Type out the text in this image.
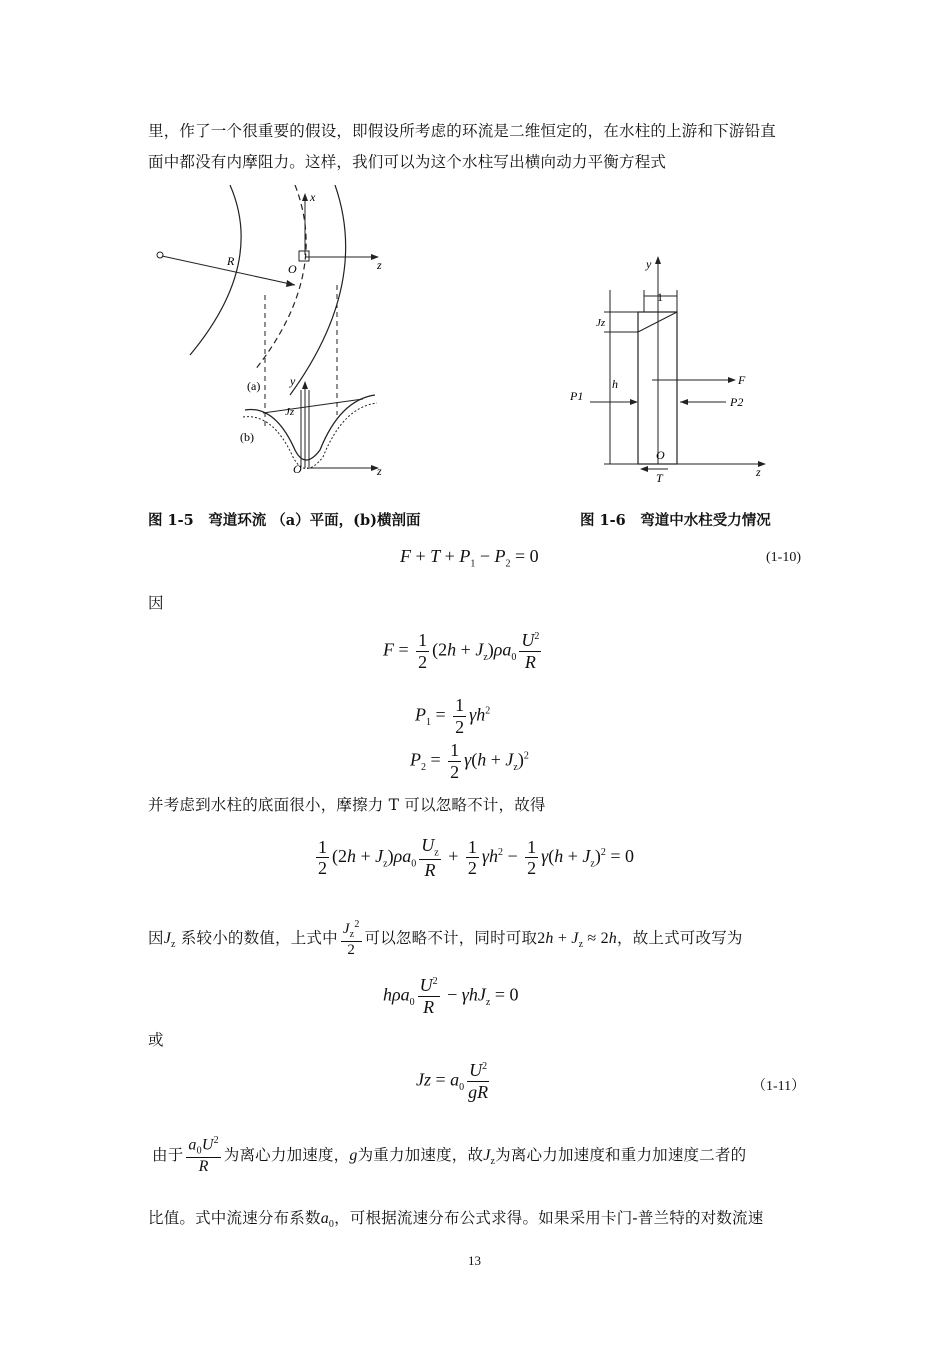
里，作了一个很重要的假设，即假设所考虑的环流是二维恒定的，在水柱的上游和下游铅直
面中都没有内摩阻力。这样，我们可以为这个水柱写出横向动力平衡方程式
x
R
O	z
(a)
(b)
y
Jz
O	z
y
1
Jz
h	F
P1	P2
O
T	z
图 1-5　弯道环流 （a）平面，(b)横剖面	图 1-6　弯道中水柱受力情况
$F + T + P_1 - P_2 = 0$	(1-10)
因
$F = \frac{1}{2} (2h + J_z)\rho a_0 \frac{U^2}{R}$
$P_1 = \frac{1}{2} \gamma h^2$
$P_2 = \frac{1}{2} \gamma(h + J_z)^2$
并考虑到水柱的底面很小，摩擦力 T 可以忽略不计，故得
$\frac{1}{2} (2h + J_z)\rho a_0 \frac{U_z}{R} + \frac{1}{2} \gamma h^2 - \frac{1}{2} \gamma(h + J_z)^2 = 0$
因$J_z$ 系较小的数值，上式中 $\frac{J_z^2}{2}$ 可以忽略不计，同时可取$2h + J_z \approx 2h$，故上式可改写为
$h\rho a_0 \frac{U^2}{R} - \gamma hJ_z = 0$
或
$Jz = a_0 \frac{U^2}{gR}$	（1-11）
由于 $\frac{a_0U^2}{R}$ 为离心力加速度，g为重力加速度，故$J_z$为离心力加速度和重力加速度二者的
比值。式中流速分布系数$a_0$，可根据流速分布公式求得。如果采用卡门-普兰特的对数流速
13
